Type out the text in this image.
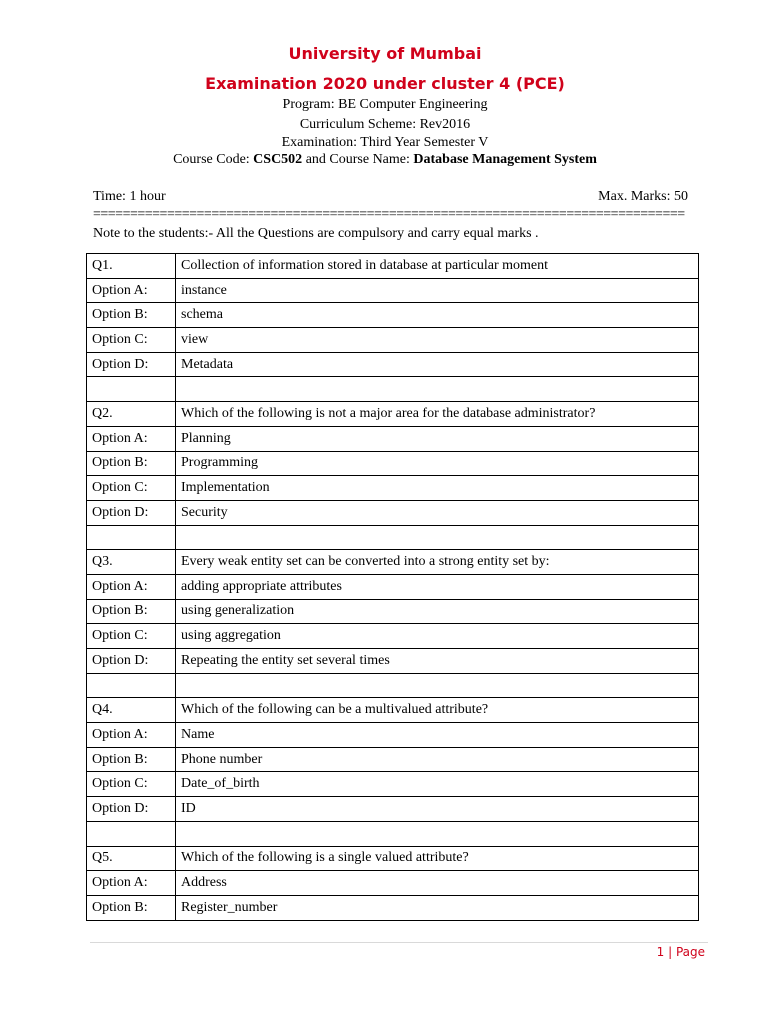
University of Mumbai
Examination 2020 under cluster 4 (PCE)
Program: BE Computer Engineering
Curriculum Scheme: Rev2016
Examination: Third Year Semester V
Course Code: CSC502 and Course Name: Database Management System
Time: 1 hour	Max. Marks: 50
================================================================================
Note to the students:- All the Questions are compulsory and carry equal marks .
Q1.	Collection of information stored in database at particular moment
Option A:	instance
Option B:	schema
Option C:	view
Option D:	Metadata

Q2.	Which of the following is not a major area for the database administrator?
Option A:	Planning
Option B:	Programming
Option C:	Implementation
Option D:	Security

Q3.	Every weak entity set can be converted into a strong entity set by:
Option A:	adding appropriate attributes
Option B:	using generalization
Option C:	using aggregation
Option D:	Repeating the entity set several times

Q4.	Which of the following can be a multivalued attribute?
Option A:	Name
Option B:	Phone number
Option C:	Date_of_birth
Option D:	ID

Q5.	Which of the following is a single valued attribute?
Option A:	Address
Option B:	Register_number
1 | Page
